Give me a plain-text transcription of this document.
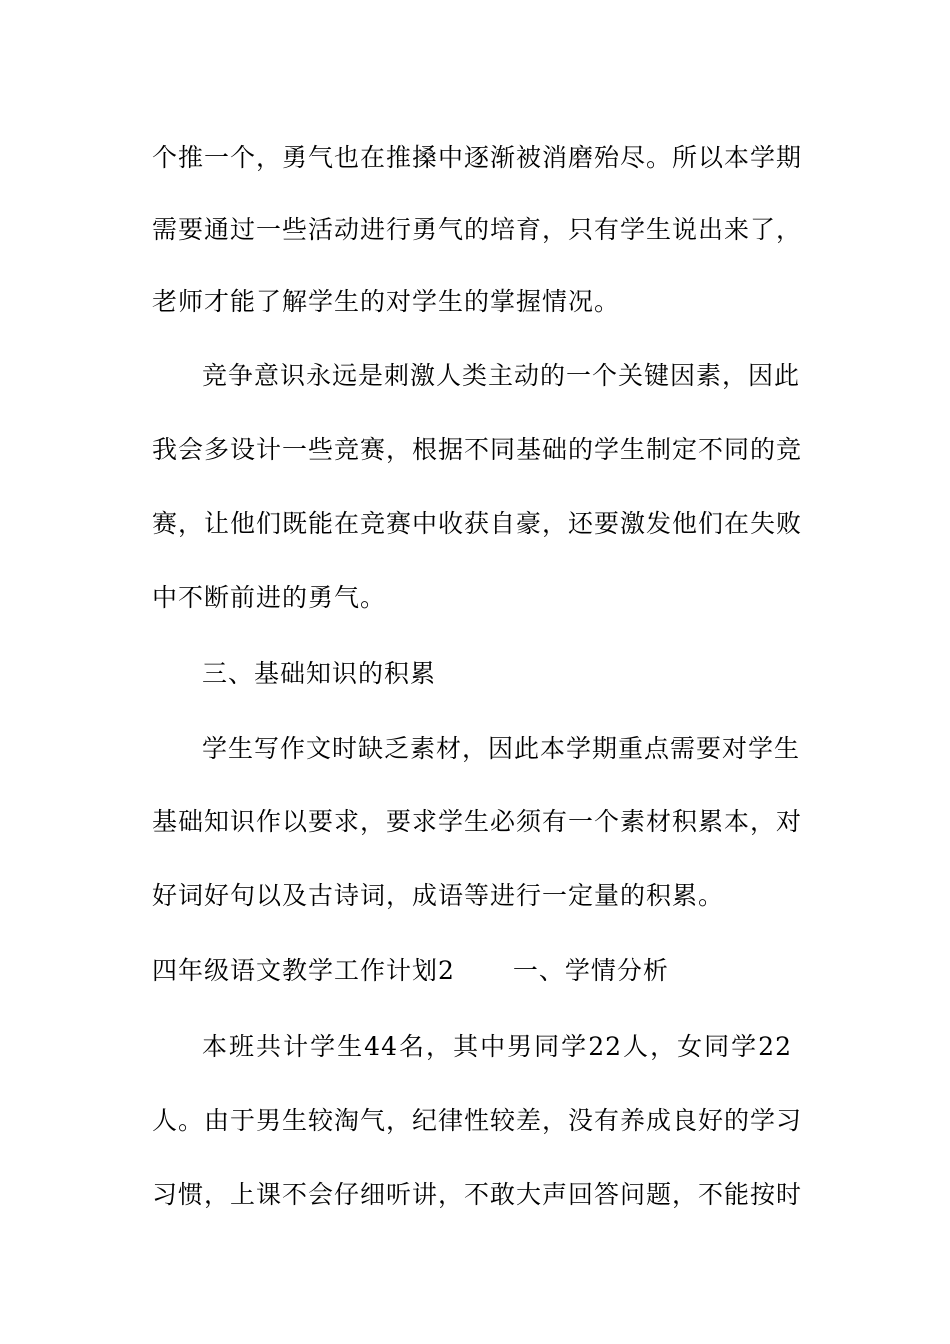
个推一个，勇气也在推搡中逐渐被消磨殆尽。所以本学期
需要通过一些活动进行勇气的培育，只有学生说出来了，
老师才能了解学生的对学生的掌握情况。
竞争意识永远是刺激人类主动的一个关键因素，因此
我会多设计一些竞赛，根据不同基础的学生制定不同的竞
赛，让他们既能在竞赛中收获自豪，还要激发他们在失败
中不断前进的勇气。
三、基础知识的积累
学生写作文时缺乏素材，因此本学期重点需要对学生
基础知识作以要求，要求学生必须有一个素材积累本，对
好词好句以及古诗词，成语等进行一定量的积累。
四年级语文教学工作计划2 一、学情分析
本班共计学生44名，其中男同学22人，女同学22
人。由于男生较淘气，纪律性较差，没有养成良好的学习
习惯，上课不会仔细听讲，不敢大声回答问题，不能按时
